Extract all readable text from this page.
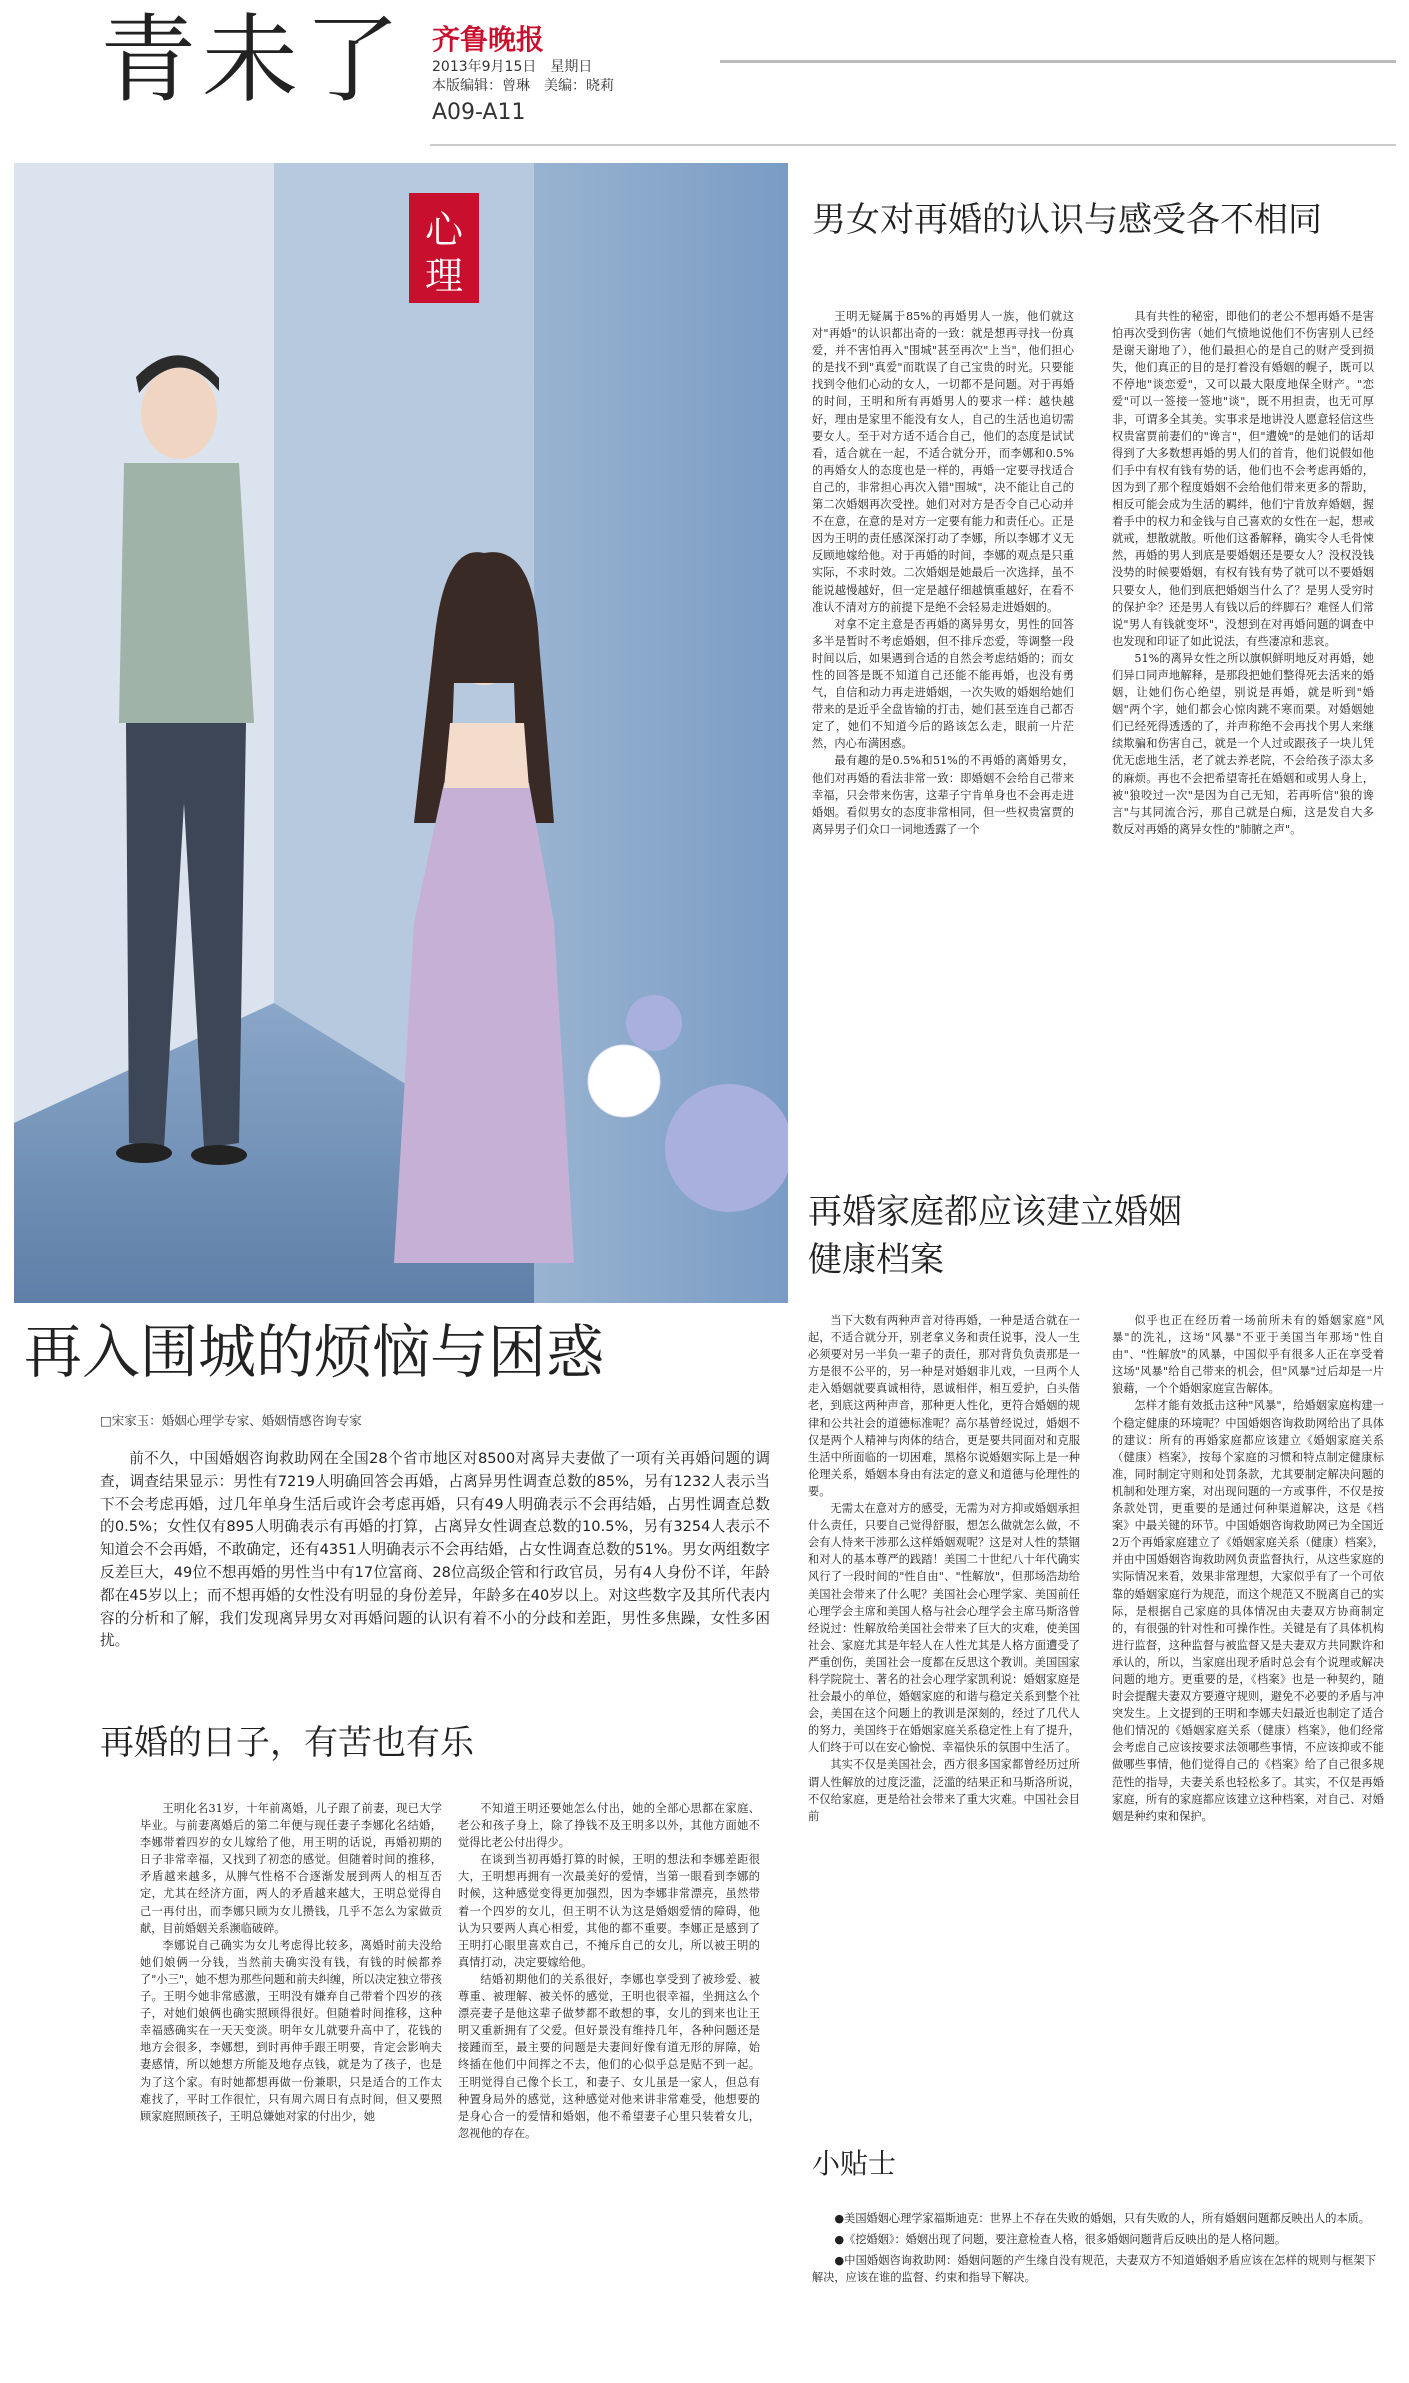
青未了 齐鲁晚报
2013年9月15日　星期日
本版编辑：曾琳　美编：晓莉
A09-A11
心
理
再入围城的烦恼与困惑
□宋家玉：婚姻心理学专家、婚姻情感咨询专家
前不久，中国婚姻咨询救助网在全国28个省市地区对8500对离异夫妻做了一项有关再婚问题的调查，调查结果显示：男性有7219人明确回答会再婚，占离异男性调查总数的85%，另有1232人表示当下不会考虑再婚，过几年单身生活后或许会考虑再婚，只有49人明确表示不会再结婚，占男性调查总数的0.5%；女性仅有895人明确表示有再婚的打算，占离异女性调查总数的10.5%，另有3254人表示不知道会不会再婚，不敢确定，还有4351人明确表示不会再结婚，占女性调查总数的51%。男女两组数字反差巨大，49位不想再婚的男性当中有17位富商、28位高级企管和行政官员，另有4人身份不详，年龄都在45岁以上；而不想再婚的女性没有明显的身份差异，年龄多在40岁以上。对这些数字及其所代表内容的分析和了解，我们发现离异男女对再婚问题的认识有着不小的分歧和差距，男性多焦躁，女性多困扰。
再婚的日子，有苦也有乐

王明化名31岁，十年前离婚，儿子跟了前妻，现已大学毕业。与前妻离婚后的第二年便与现任妻子李娜化名结婚，李娜带着四岁的女儿嫁给了他，用王明的话说，再婚初期的日子非常幸福，又找到了初恋的感觉。但随着时间的推移，矛盾越来越多，从脾气性格不合逐渐发展到两人的相互否定，尤其在经济方面，两人的矛盾越来越大，王明总觉得自己一再付出，而李娜只顾为女儿攒钱，几乎不怎么为家做贡献，目前婚姻关系濒临破碎。

李娜说自己确实为女儿考虑得比较多，离婚时前夫没给她们娘俩一分钱，当然前夫确实没有钱，有钱的时候都养了"小三"，她不想为那些问题和前夫纠缠，所以决定独立带孩子。王明今她非常感激，王明没有嫌弃自己带着个四岁的孩子，对她们娘俩也确实照顾得很好。但随着时间推移，这种幸福感确实在一天天变淡。明年女儿就要升高中了，花钱的地方会很多，李娜想，到时再伸手跟王明要，肯定会影响夫妻感情，所以她想方所能及地存点钱，就是为了孩子，也是为了这个家。有时她都想再做一份兼职，只是适合的工作太难找了，平时工作很忙，只有周六周日有点时间，但又要照顾家庭照顾孩子，王明总嫌她对家的付出少，她

不知道王明还要她怎么付出，她的全部心思都在家庭、老公和孩子身上，除了挣钱不及王明多以外，其他方面她不觉得比老公付出得少。

在谈到当初再婚打算的时候，王明的想法和李娜差距很大，王明想再拥有一次最美好的爱情，当第一眼看到李娜的时候，这种感觉变得更加强烈，因为李娜非常漂亮，虽然带着一个四岁的女儿，但王明不认为这是婚姻爱情的障碍，他认为只要两人真心相爱，其他的都不重要。李娜正是感到了王明打心眼里喜欢自己，不掩斥自己的女儿，所以被王明的真情打动，决定要嫁给他。

结婚初期他们的关系很好，李娜也享受到了被珍爱、被尊重、被理解、被关怀的感觉，王明也很幸福，坐拥这么个漂亮妻子是他这辈子做梦都不敢想的事，女儿的到来也让王明又重新拥有了父爱。但好景没有维持几年，各种问题还是接踵而至，最主要的问题是夫妻间好像有道无形的屏障，始终插在他们中间挥之不去，他们的心似乎总是贴不到一起。王明觉得自己像个长工，和妻子、女儿虽是一家人，但总有种置身局外的感觉，这种感觉对他来讲非常难受，他想要的是身心合一的爱情和婚姻，他不希望妻子心里只装着女儿，忽视他的存在。

男女对再婚的认识与感受各不相同

王明无疑属于85%的再婚男人一族，他们就这对"再婚"的认识都出奇的一致：就是想再寻找一份真爱，并不害怕再入"围城"甚至再次"上当"，他们担心的是找不到"真爱"而耽误了自己宝贵的时光。只要能找到令他们心动的女人，一切都不是问题。对于再婚的时间，王明和所有再婚男人的要求一样：越快越好，理由是家里不能没有女人，自己的生活也追切需要女人。至于对方适不适合自己，他们的态度是试试看，适合就在一起，不适合就分开，而李娜和0.5%的再婚女人的态度也是一样的，再婚一定要寻找适合自己的，非常担心再次入错"围城"，决不能让自己的第二次婚姻再次受挫。她们对对方是否令自己心动并不在意，在意的是对方一定要有能力和责任心。正是因为王明的责任感深深打动了李娜，所以李娜才义无反顾地嫁给他。对于再婚的时间，李娜的观点是只重实际，不求时效。二次婚姻是她最后一次选择，虽不能说越慢越好，但一定是越仔细越慎重越好，在看不准认不清对方的前提下是绝不会轻易走进婚姻的。

对拿不定主意是否再婚的离异男女，男性的回答多半是暂时不考虑婚姻，但不排斥恋爱，等调整一段时间以后，如果遇到合适的自然会考虑结婚的；而女性的回答是既不知道自己还能不能再婚，也没有勇气，自信和动力再走进婚姻，一次失败的婚姻给她们带来的是近乎全盘皆输的打击，她们甚至连自己都否定了，她们不知道今后的路该怎么走，眼前一片茫然，内心布满困惑。

最有趣的是0.5%和51%的不再婚的离婚男女，他们对再婚的看法非常一致：即婚姻不会给自己带来幸福，只会带来伤害，这辈子宁肯单身也不会再走进婚姻。看似男女的态度非常相同，但一些权贵富贾的离异男子们众口一词地透露了一个

具有共性的秘密，即他们的老公不想再婚不是害怕再次受到伤害（她们气愤地说他们不伤害别人已经是谢天谢地了），他们最担心的是自己的财产受到损失，他们真正的目的是打着没有婚姻的幌子，既可以不停地"谈恋爱"，又可以最大限度地保全财产。"恋爱"可以一签接一签地"谈"，既不用担责，也无可厚非，可谓多全其美。实事求是地讲没人愿意轻信这些权贵富贾前妻们的"谗言"，但"遭娩"的是她们的话却得到了大多数想再婚的男人们的首肯，他们说假如他们手中有权有钱有势的话，他们也不会考虑再婚的，因为到了那个程度婚姻不会给他们带来更多的帮助，相反可能会成为生活的羁绊，他们宁肯放弃婚姻，握着手中的权力和金钱与自己喜欢的女性在一起，想戒就戒，想散就散。听他们这番解释，确实令人毛骨悚然，再婚的男人到底是要婚姻还是要女人？没权没钱没势的时候要婚姻，有权有钱有势了就可以不要婚姻只要女人，他们到底把婚姻当什么了？是男人受穷时的保护伞？还是男人有钱以后的绊脚石？难怪人们常说"男人有钱就变坏"，没想到在对再婚问题的调查中也发现和印证了如此说法，有些凄凉和悲哀。

51%的离异女性之所以旗帜鲜明地反对再婚，她们异口同声地解释，是那段把她们整得死去活来的婚姻，让她们伤心绝望，别说是再婚，就是听到"婚姻"两个字，她们都会心惊肉跳不寒而栗。对婚姻她们已经死得透透的了，并声称绝不会再找个男人来继续欺骗和伤害自己，就是一个人过或跟孩子一块儿凭优无虑地生活，老了就去养老院，不会给孩子添太多的麻烦。再也不会把希望寄托在婚姻和或男人身上，被"狼咬过一次"是因为自己无知，若再听信"狼的谗言"与其同流合污，那自己就是白痴，这是发自大多数反对再婚的离异女性的"肺腑之声"。

再婚家庭都应该建立婚姻健康档案

当下大数有两种声音对待再婚，一种是适合就在一起，不适合就分开，别老拿义务和责任说事，没人一生必须要对另一半负一辈子的责任，那对背负负责那是一方是很不公平的，另一种是对婚姻非儿戏，一旦两个人走入婚姻就要真诚相待，恩诚相伴，相互爱护，白头偕老，到底这两种声音，那种更人性化，更符合婚姻的规律和公共社会的道德标准呢？高尔基曾经说过，婚姻不仅是两个人精神与肉体的结合，更是要共同面对和克服生活中所面临的一切困难，黑格尔说婚姻实际上是一种伦理关系，婚姻本身由有法定的意义和道德与伦理性的要。

无需太在意对方的感受，无需为对方抑或婚姻承担什么责任，只要自己觉得舒服，想怎么做就怎么做，不会有人恃来干涉那么这样婚姻观呢？这是对人性的禁锢和对人的基本尊严的践踏！美国二十世纪八十年代确实风行了一段时间的"性自由"、"性解放"，但那场浩劫给美国社会带来了什么呢？美国社会心理学家、美国前任心理学会主席和美国人格与社会心理学会主席马斯洛曾经说过：性解放给美国社会带来了巨大的灾难，使美国社会、家庭尤其是年轻人在人性尤其是人格方面遭受了严重创伤，美国社会一度都在反思这个教训。美国国家科学院院士、著名的社会心理学家凯利说：婚姻家庭是社会最小的单位，婚姻家庭的和谐与稳定关系到整个社会，美国在这个问题上的教训是深刻的，经过了几代人的努力，美国终于在婚姻家庭关系稳定性上有了提升，人们终于可以在安心愉悦、幸福快乐的氛围中生活了。

其实不仅是美国社会，西方很多国家都曾经历过所谓人性解放的过度泛滥，泛滥的结果正和马斯洛所说，不仅给家庭，更是给社会带来了重大灾难。中国社会目前

似乎也正在经历着一场前所未有的婚姻家庭"风暴"的洗礼，这场"风暴"不亚于美国当年那场"性自由"、"性解放"的风暴，中国似乎有很多人正在享受着这场"风暴"给自己带来的机会，但"风暴"过后却是一片狼藉，一个个婚姻家庭宣告解体。

怎样才能有效抵击这种"风暴"，给婚姻家庭构建一个稳定健康的环境呢？中国婚姻咨询救助网给出了具体的建议：所有的再婚家庭都应该建立《婚姻家庭关系（健康）档案》，按每个家庭的习惯和特点制定健康标准，同时制定守则和处罚条款，尤其要制定解决问题的机制和处理方案，对出现问题的一方或事件，不仅是按条款处罚，更重要的是通过何种渠道解决，这是《档案》中最关键的环节。中国婚姻咨询救助网已为全国近2万个再婚家庭建立了《婚姻家庭关系（健康）档案》，并由中国婚姻咨询救助网负责监督执行，从这些家庭的实际情况来看，效果非常理想，大家似乎有了一个可依靠的婚姻家庭行为规范，而这个规范又不脱离自己的实际，是根据自己家庭的具体情况由夫妻双方协商制定的，有很强的针对性和可操作性。关键是有了具体机构进行监督，这种监督与被监督又是夫妻双方共同默许和承认的，所以，当家庭出现矛盾时总会有个说理或解决问题的地方。更重要的是，《档案》也是一种契约，随时会提醒夫妻双方要遵守规则，避免不必要的矛盾与冲突发生。上文提到的王明和李娜夫妇最近也制定了适合他们情况的《婚姻家庭关系（健康）档案》，他们经常会考虑自己应该按要求法领哪些事情，不应该抑或不能做哪些事情，他们觉得自己的《档案》给了自己很多规范性的指导，夫妻关系也轻松多了。其实，不仅是再婚家庭，所有的家庭都应该建立这种档案，对自己、对婚姻是种约束和保护。

小贴士

●美国婚姻心理学家福斯迪克：世界上不存在失败的婚姻，只有失败的人，所有婚姻问题都反映出人的本质。

●《挖婚姻》：婚姻出现了问题，要注意检查人格，很多婚姻问题背后反映出的是人格问题。

●中国婚姻咨询救助网：婚姻问题的产生缘自没有规范，夫妻双方不知道婚姻矛盾应该在怎样的规则与框架下解决，应该在谁的监督、约束和指导下解决。
